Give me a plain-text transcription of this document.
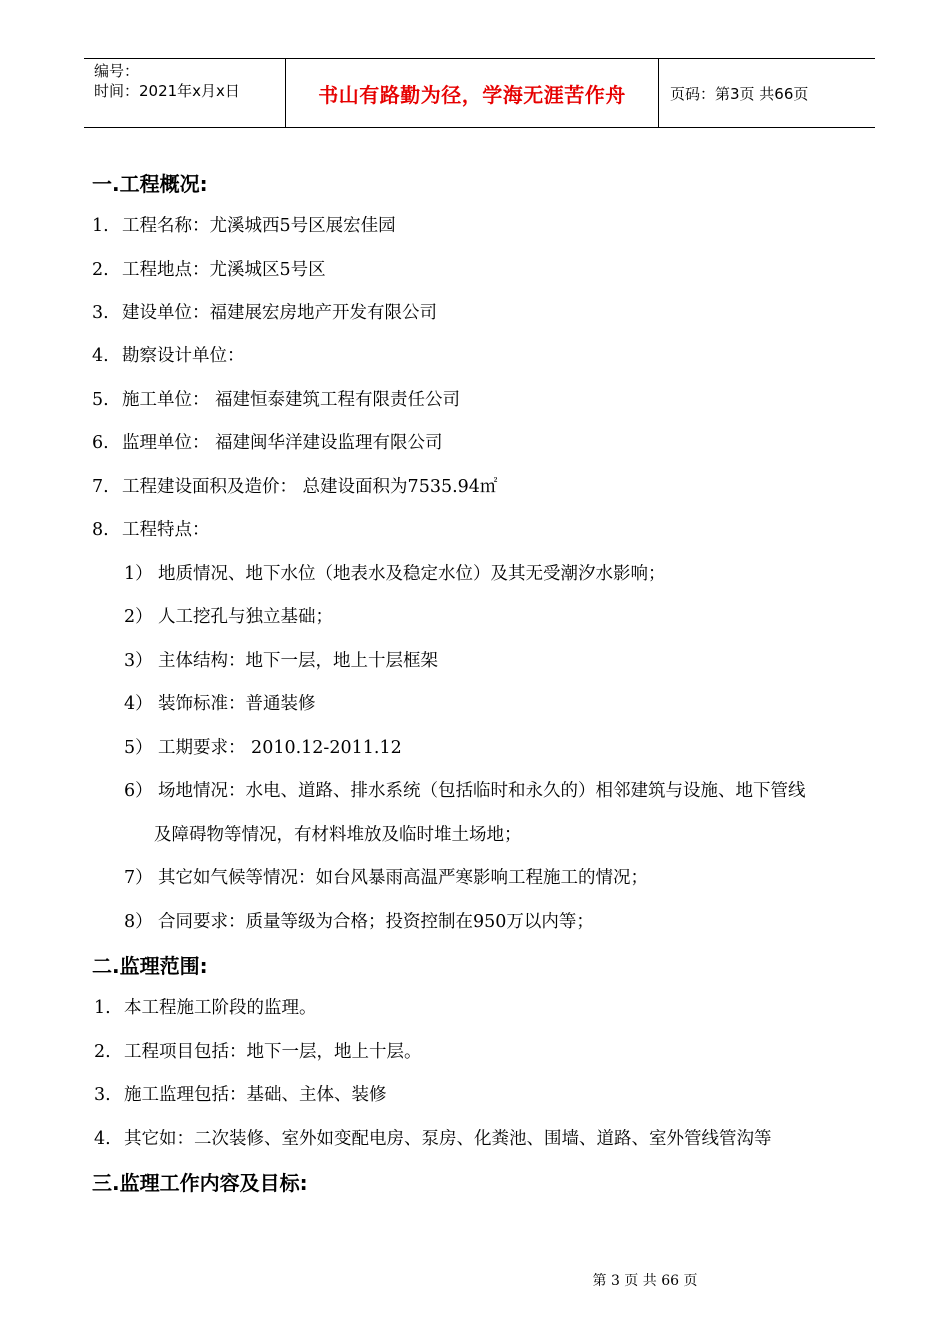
编号：
时间：2021年x月x日	书山有路勤为径，学海无涯苦作舟	页码：第3页 共66页
一.工程概况:
1. 工程名称：尤溪城西5号区展宏佳园
2. 工程地点：尤溪城区5号区
3. 建设单位：福建展宏房地产开发有限公司
4. 勘察设计单位：
5. 施工单位： 福建恒泰建筑工程有限责任公司
6. 监理单位： 福建闽华洋建设监理有限公司
7. 工程建设面积及造价： 总建设面积为7535.94㎡
8. 工程特点：
1） 地质情况、地下水位（地表水及稳定水位）及其无受潮汐水影响；
2） 人工挖孔与独立基础；
3） 主体结构：地下一层，地上十层框架
4） 装饰标准：普通装修
5） 工期要求： 2010.12-2011.12
6） 场地情况：水电、道路、排水系统（包括临时和永久的）相邻建筑与设施、地下管线
及障碍物等情况，有材料堆放及临时堆土场地；
7） 其它如气候等情况：如台风暴雨高温严寒影响工程施工的情况；
8） 合同要求：质量等级为合格；投资控制在950万以内等；
二.监理范围:
1. 本工程施工阶段的监理。
2. 工程项目包括：地下一层，地上十层。
3. 施工监理包括：基础、主体、装修
4. 其它如：二次装修、室外如变配电房、泵房、化粪池、围墙、道路、室外管线管沟等
三.监理工作内容及目标:
第 3 页 共 66 页
